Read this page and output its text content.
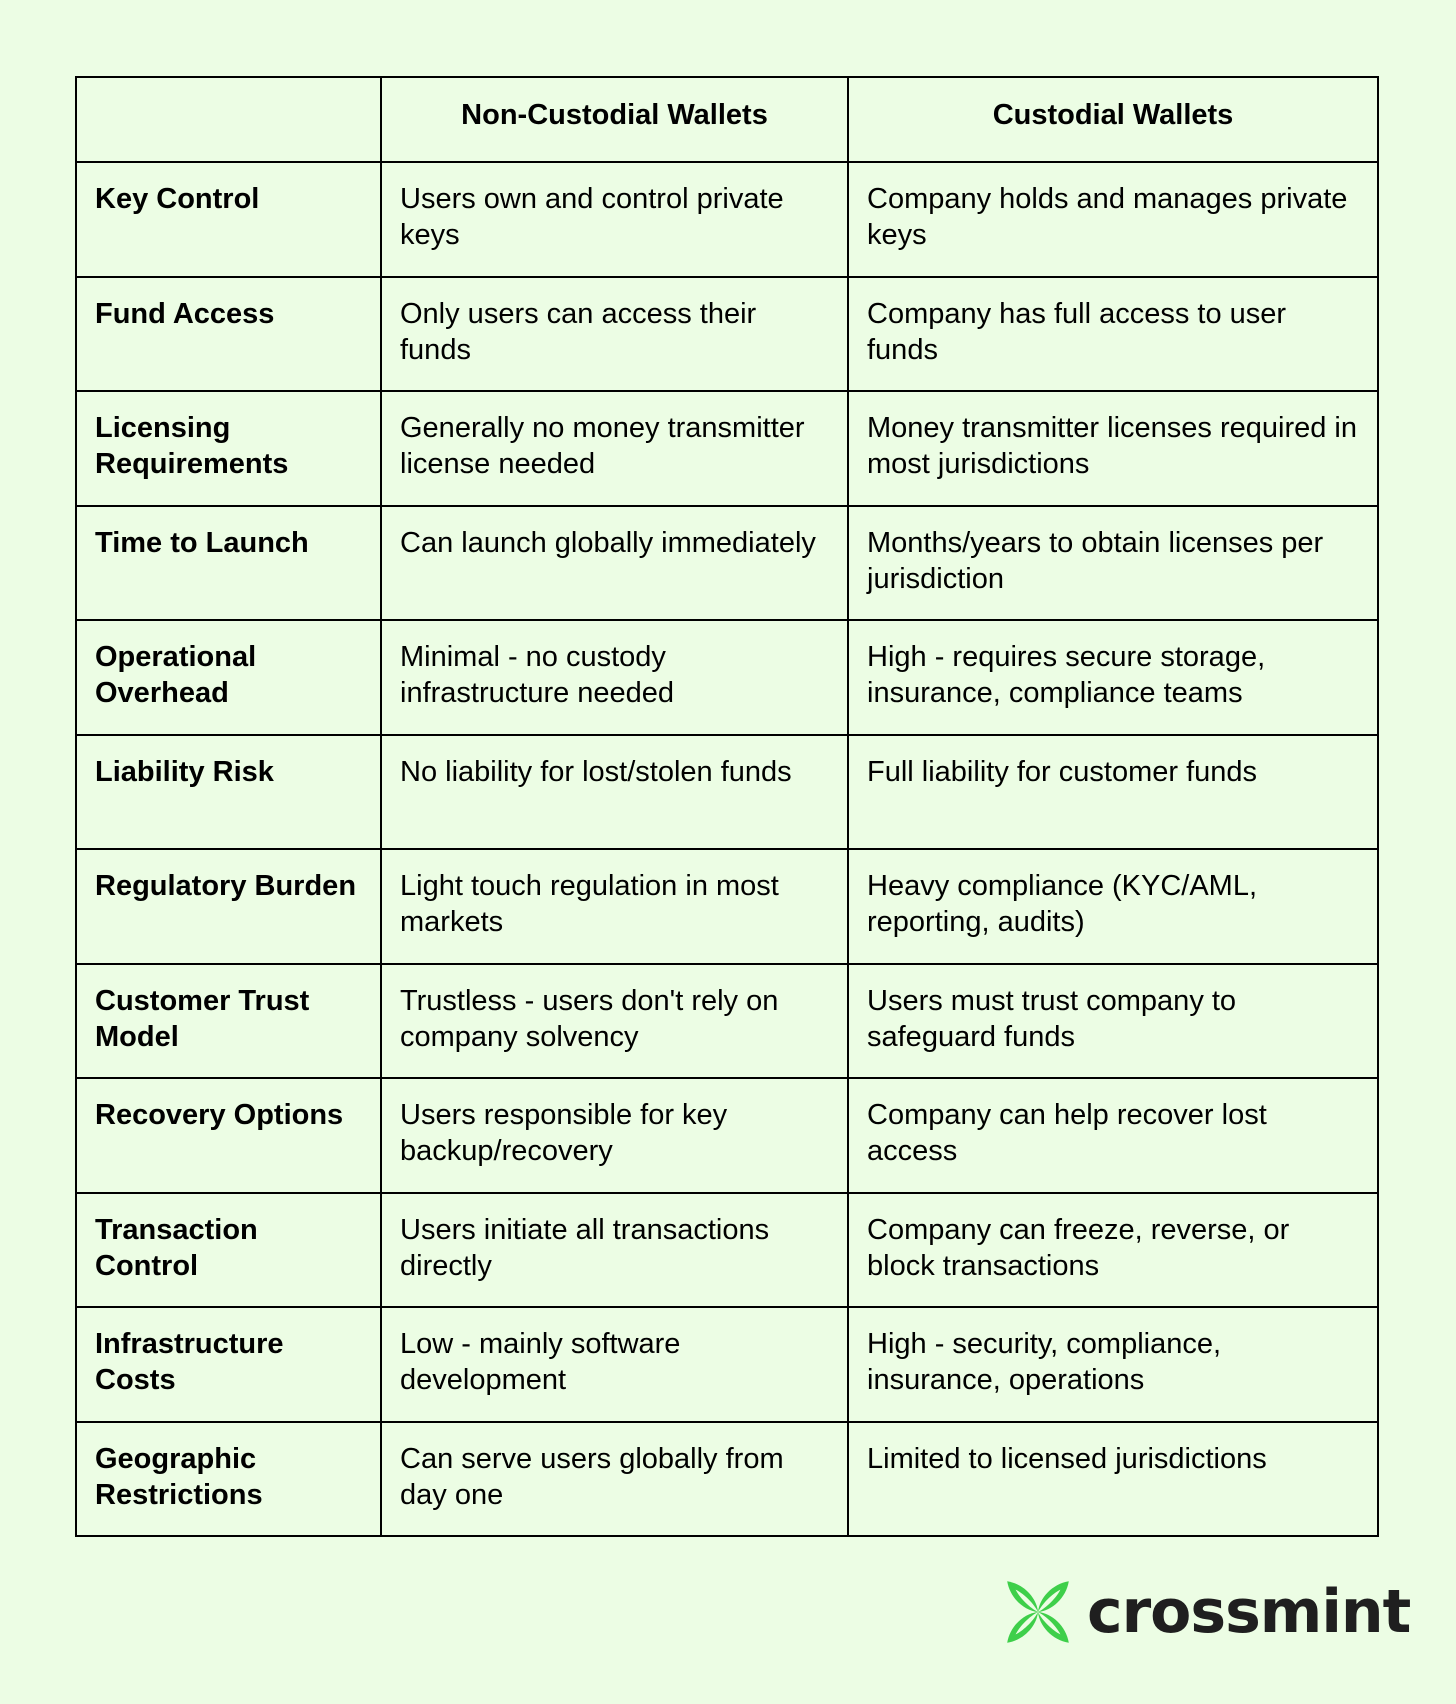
	Non-Custodial Wallets	Custodial Wallets
Key Control	Users own and control private keys	Company holds and manages private keys
Fund Access	Only users can access their funds	Company has full access to user funds
Licensing Requirements	Generally no money transmitter license needed	Money transmitter licenses required in most jurisdictions
Time to Launch	Can launch globally immediately	Months/years to obtain licenses per jurisdiction
Operational Overhead	Minimal - no custody infrastructure needed	High - requires secure storage, insurance, compliance teams
Liability Risk	No liability for lost/stolen funds	Full liability for customer funds
Regulatory Burden	Light touch regulation in most markets	Heavy compliance (KYC/AML, reporting, audits)
Customer Trust Model	Trustless - users don't rely on company solvency	Users must trust company to safeguard funds
Recovery Options	Users responsible for key backup/recovery	Company can help recover lost access
Transaction Control	Users initiate all transactions directly	Company can freeze, reverse, or block transactions
Infrastructure Costs	Low - mainly software development	High - security, compliance, insurance, operations
Geographic Restrictions	Can serve users globally from day one	Limited to licensed jurisdictions
crossmint
